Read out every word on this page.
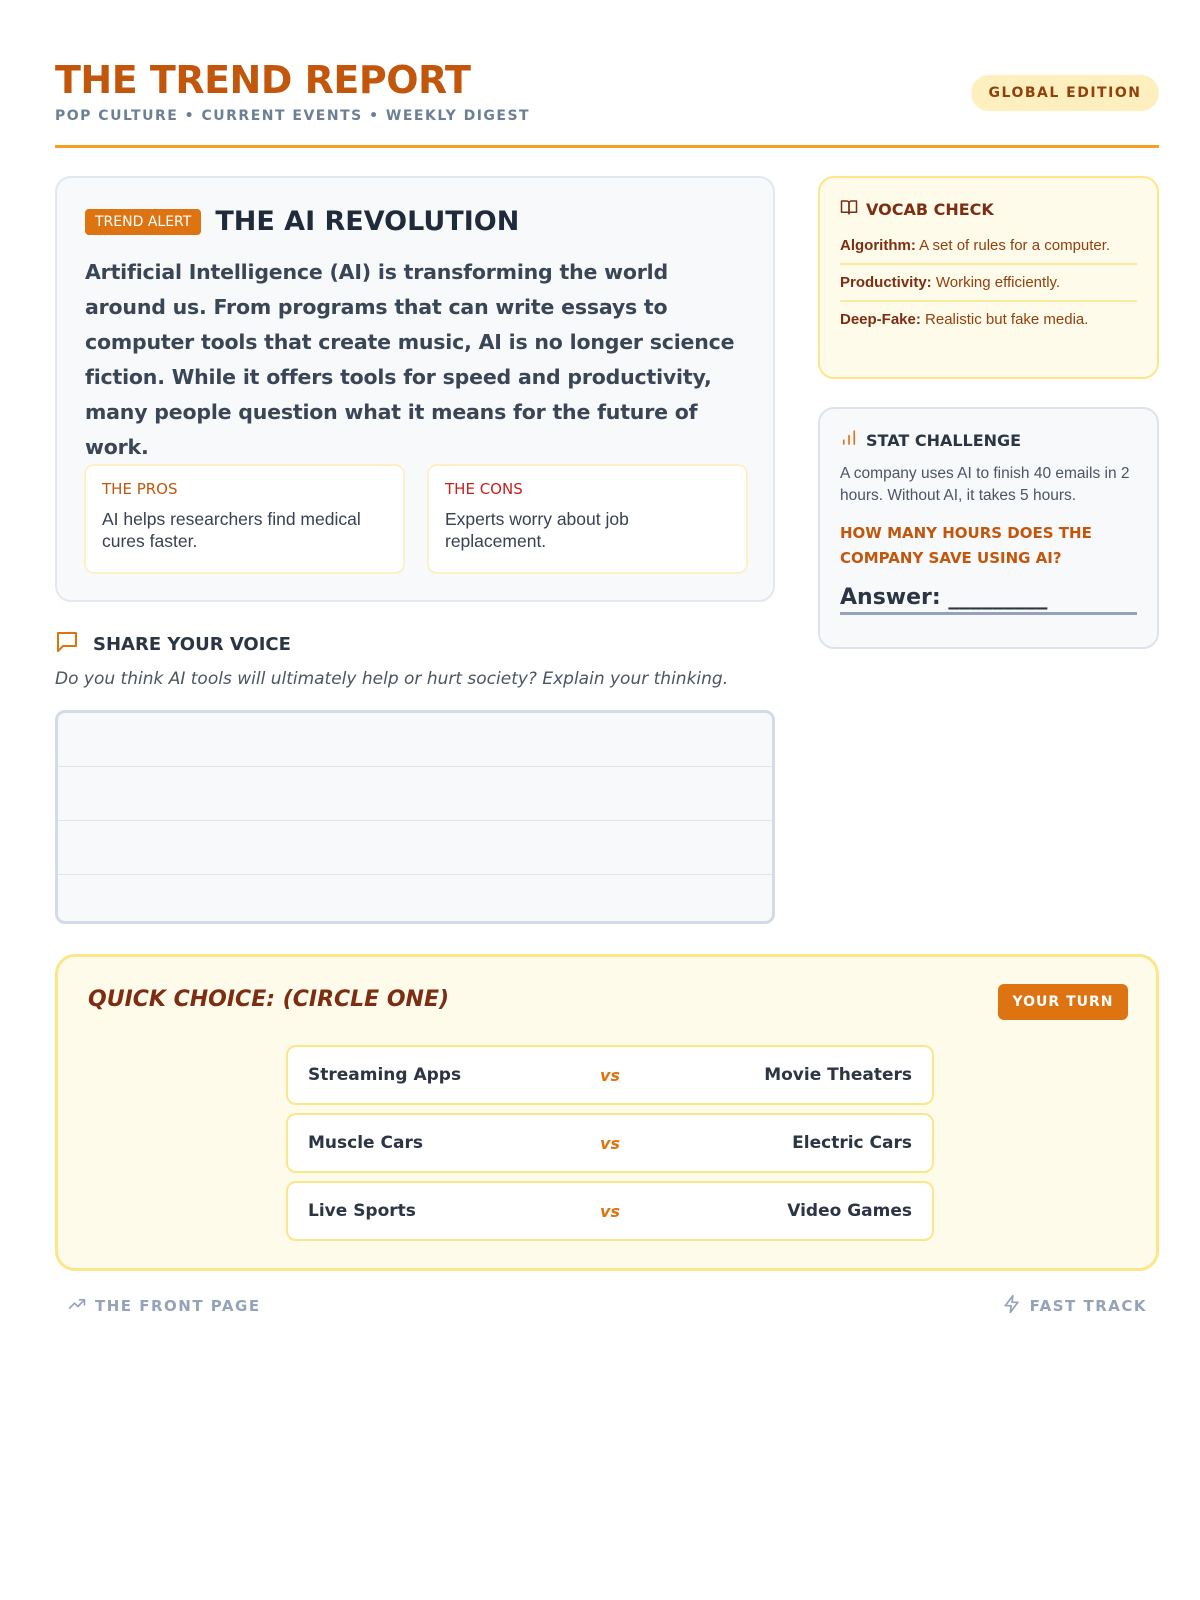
THE TREND REPORT
POP CULTURE • CURRENT EVENTS • WEEKLY DIGEST
GLOBAL EDITION
TREND ALERT THE AI REVOLUTION
Artificial Intelligence (AI) is transforming the world around us. From programs that can write essays to computer tools that create music, AI is no longer science fiction. While it offers tools for speed and productivity, many people question what it means for the future of work.
THE PROS
AI helps researchers find medical cures faster.
THE CONS
Experts worry about job replacement.
SHARE YOUR VOICE
Do you think AI tools will ultimately help or hurt society? Explain your thinking.
VOCAB CHECK
Algorithm: A set of rules for a computer.
Productivity: Working efficiently.
Deep-Fake: Realistic but fake media.
STAT CHALLENGE
A company uses AI to finish 40 emails in 2 hours. Without AI, it takes 5 hours.
HOW MANY HOURS DOES THE COMPANY SAVE USING AI?
Answer: _________
QUICK CHOICE: (CIRCLE ONE)	YOUR TURN
Streaming Apps	vs	Movie Theaters
Muscle Cars	vs	Electric Cars
Live Sports	vs	Video Games
THE FRONT PAGE	FAST TRACK
